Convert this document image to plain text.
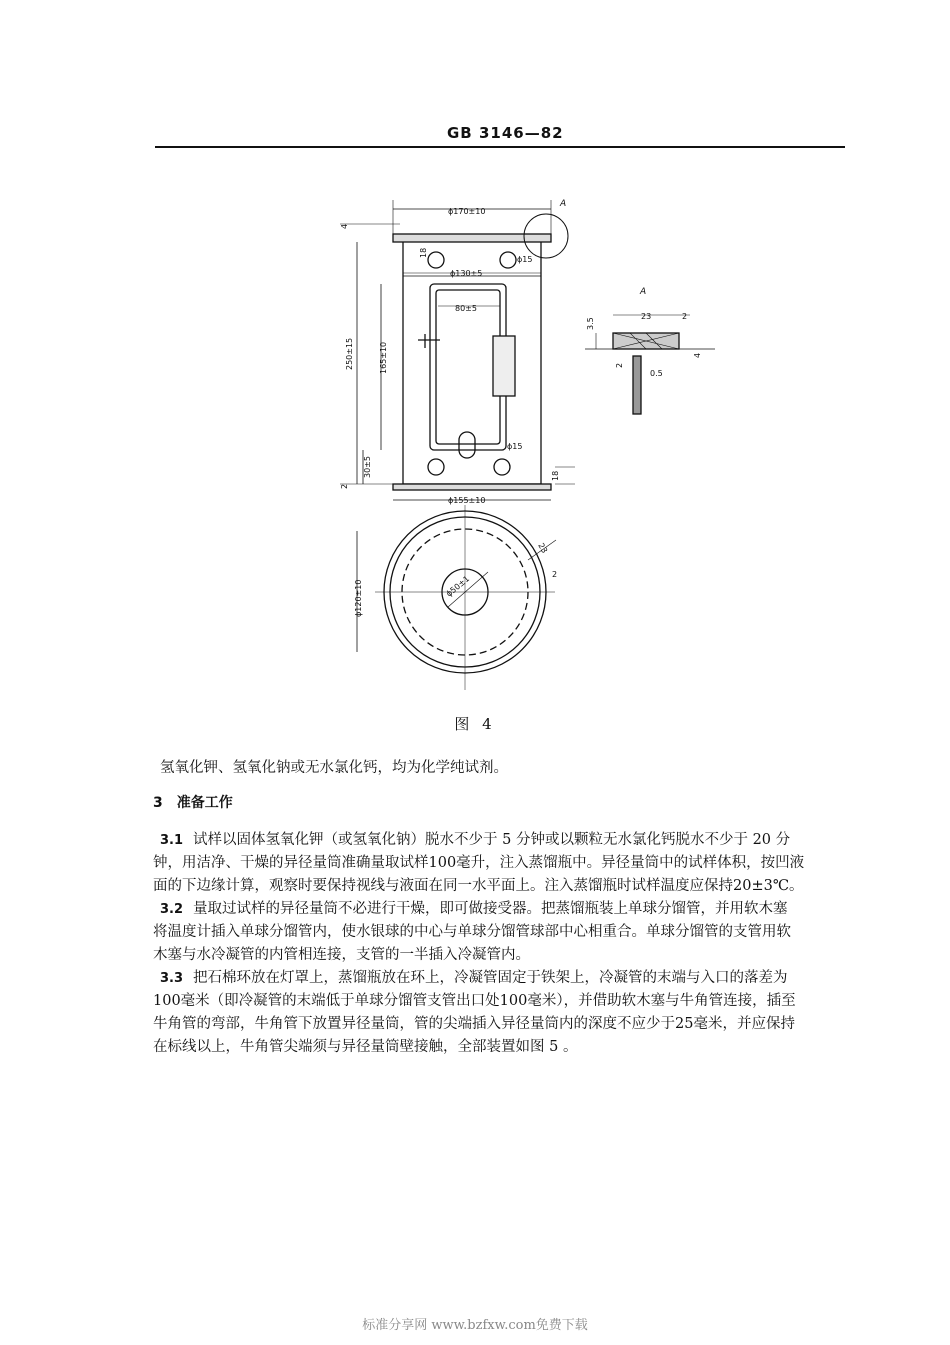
GB 3146—82
ϕ170±10
ϕ130±5
80±5
ϕ15
ϕ15
250±15	165±10
30±5
ϕ155±10
ϕ120±10	ϕ50±1
18
18
4
2
23
2
A
A
23	2
3.5
2
4
0.5
图 4
氢氧化钾、氢氧化钠或无水氯化钙，均为化学纯试剂。
3 准备工作
3.1 试样以固体氢氧化钾（或氢氧化钠）脱水不少于 5 分钟或以颗粒无水氯化钙脱水不少于 20 分
钟，用洁净、干燥的异径量筒准确量取试样100毫升，注入蒸馏瓶中。异径量筒中的试样体积，按凹液
面的下边缘计算，观察时要保持视线与液面在同一水平面上。注入蒸馏瓶时试样温度应保持20±3℃。
3.2 量取过试样的异径量筒不必进行干燥，即可做接受器。把蒸馏瓶装上单球分馏管，并用软木塞
将温度计插入单球分馏管内，使水银球的中心与单球分馏管球部中心相重合。单球分馏管的支管用软
木塞与水冷凝管的内管相连接，支管的一半插入冷凝管内。
3.3 把石棉环放在灯罩上，蒸馏瓶放在环上，冷凝管固定于铁架上，冷凝管的末端与入口的落差为
100毫米（即冷凝管的末端低于单球分馏管支管出口处100毫米），并借助软木塞与牛角管连接，插至
牛角管的弯部，牛角管下放置异径量筒，管的尖端插入异径量筒内的深度不应少于25毫米，并应保持
在标线以上，牛角管尖端须与异径量筒壁接触，全部装置如图 5 。
标准分享网 www.bzfxw.com免费下载
